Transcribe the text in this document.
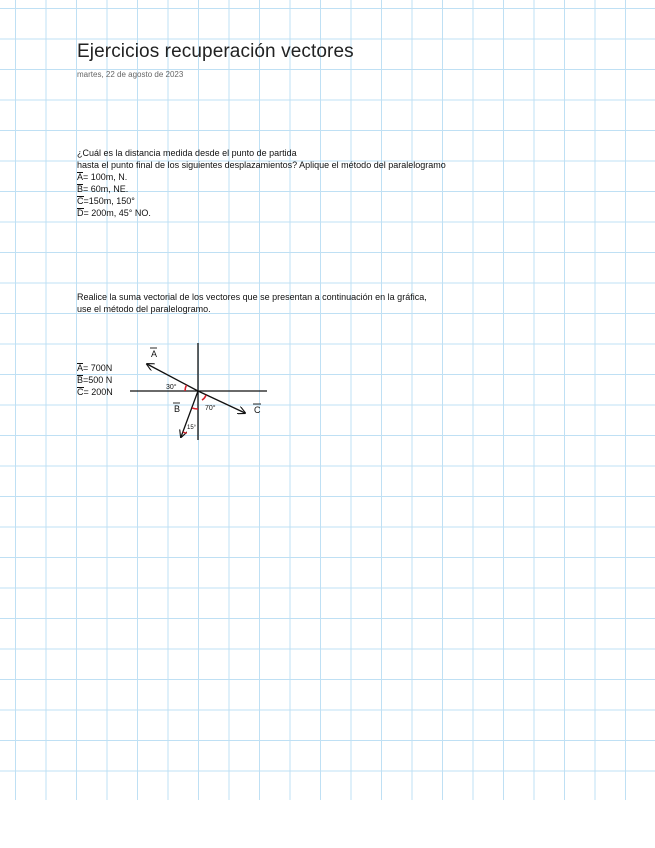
Ejercicios recuperación vectores
martes, 22 de agosto de 2023
¿Cuál es la distancia medida desde el punto de partida
hasta el punto final de los siguientes desplazamientos? Aplique el método del paralelogramo
A= 100m, N.
B= 60m, NE.
C=150m, 150°
D= 200m, 45° NO.
Realice la suma vectorial de los vectores que se presentan a continuación en la gráfica,
use el método del paralelogramo.
A= 700N
B=500 N
C= 200N
A
B	C
30°
70°
15°
